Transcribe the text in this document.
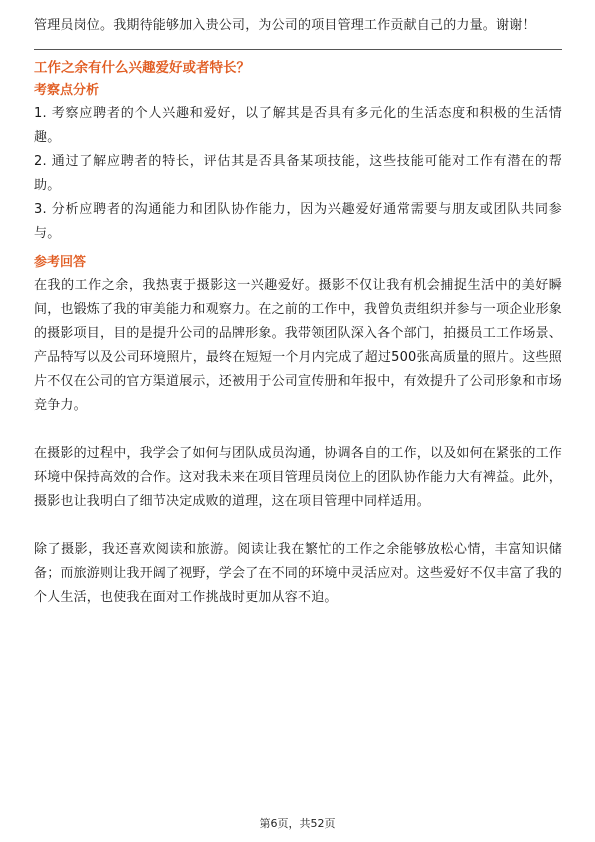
管理员岗位。我期待能够加入贵公司，为公司的项目管理工作贡献自己的力量。谢谢！

工作之余有什么兴趣爱好或者特长？

考察点分析

1. 考察应聘者的个人兴趣和爱好，以了解其是否具有多元化的生活态度和积极的生活情趣。

2. 通过了解应聘者的特长，评估其是否具备某项技能，这些技能可能对工作有潜在的帮助。

3. 分析应聘者的沟通能力和团队协作能力，因为兴趣爱好通常需要与朋友或团队共同参与。

参考回答

在我的工作之余，我热衷于摄影这一兴趣爱好。摄影不仅让我有机会捕捉生活中的美好瞬间，也锻炼了我的审美能力和观察力。在之前的工作中，我曾负责组织并参与一项企业形象的摄影项目，目的是提升公司的品牌形象。我带领团队深入各个部门，拍摄员工工作场景、产品特写以及公司环境照片，最终在短短一个月内完成了超过500张高质量的照片。这些照片不仅在公司的官方渠道展示，还被用于公司宣传册和年报中，有效提升了公司形象和市场竞争力。

在摄影的过程中，我学会了如何与团队成员沟通，协调各自的工作，以及如何在紧张的工作环境中保持高效的合作。这对我未来在项目管理员岗位上的团队协作能力大有裨益。此外，摄影也让我明白了细节决定成败的道理，这在项目管理中同样适用。

除了摄影，我还喜欢阅读和旅游。阅读让我在繁忙的工作之余能够放松心情，丰富知识储备；而旅游则让我开阔了视野，学会了在不同的环境中灵活应对。这些爱好不仅丰富了我的个人生活，也使我在面对工作挑战时更加从容不迫。

第6页，共52页
